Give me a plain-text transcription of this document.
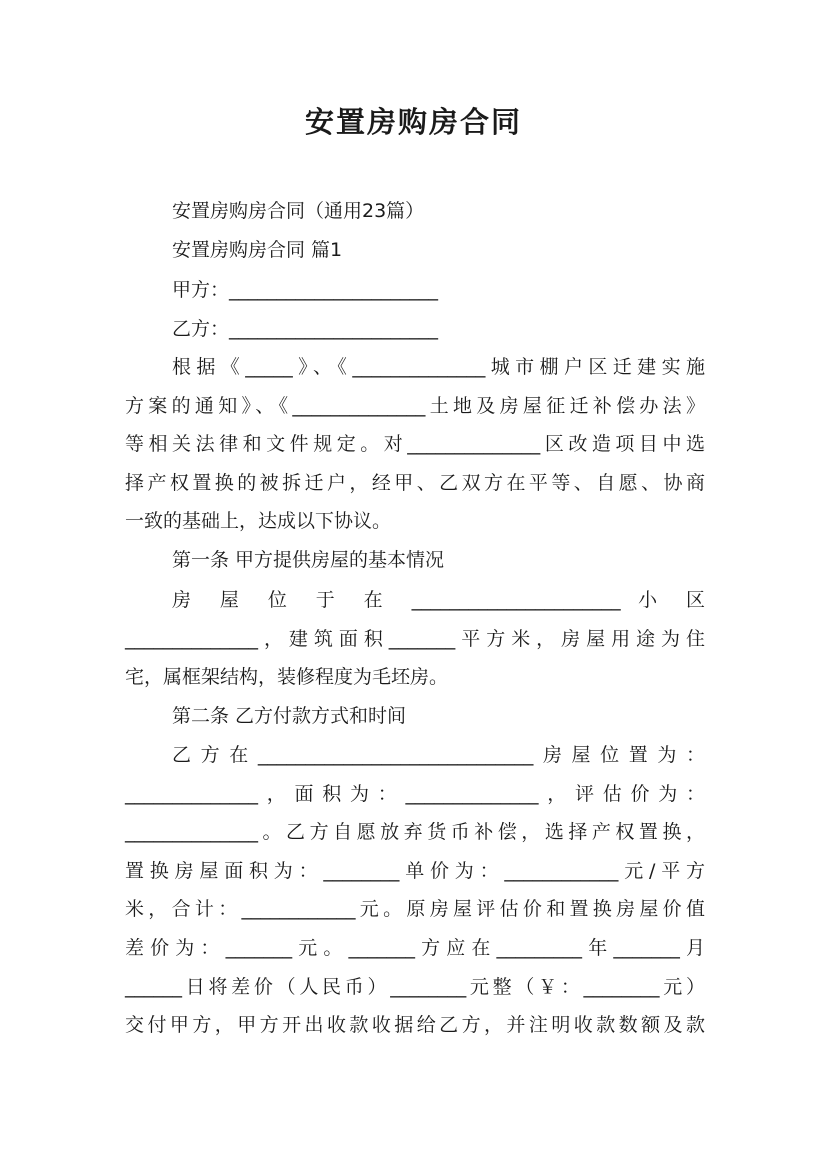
安置房购房合同
安置房购房合同（通用23篇）
安置房购房合同 篇1
甲方：______________________
乙方：______________________
根据《_____》、《______________城市棚户区迁建实施
方案的通知》、《______________土地及房屋征迁补偿办法》
等相关法律和文件规定。对______________区改造项目中选
择产权置换的被拆迁户，经甲、乙双方在平等、自愿、协商
一致的基础上，达成以下协议。
第一条 甲方提供房屋的基本情况
房 屋 位 于 在 ______________________ 小 区
______________，建筑面积_______平方米，房屋用途为住
宅，属框架结构，装修程度为毛坯房。
第二条 乙方付款方式和时间
乙方在_____________________________房屋位置为：
______________，面积为：______________，评估价为：
______________。乙方自愿放弃货币补偿，选择产权置换，
置换房屋面积为：________单价为：____________元/平方
米，合计：____________元。原房屋评估价和置换房屋价值
差价为：_______元。_______方应在_________年_______月
______日将差价（人民币）________元整（￥：________元）
交付甲方，甲方开出收款收据给乙方，并注明收款数额及款
